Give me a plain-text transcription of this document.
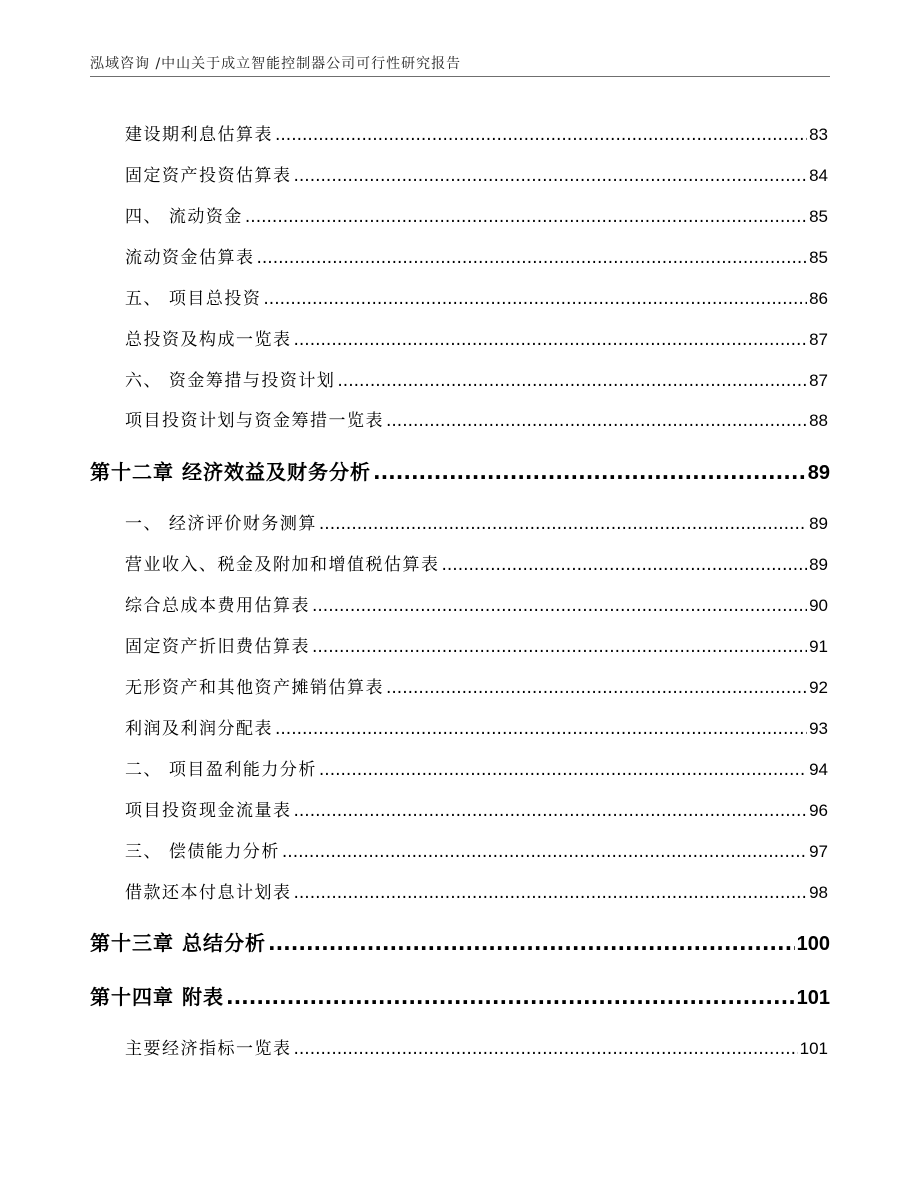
泓域咨询 /中山关于成立智能控制器公司可行性研究报告
建设期利息估算表 .....	83
固定资产投资估算表 .....	84
四、 流动资金 .....	85
流动资金估算表 .....	85
五、 项目总投资 .....	86
总投资及构成一览表 .....	87
六、 资金筹措与投资计划 .....	87
项目投资计划与资金筹措一览表 .....	88
第十二章 经济效益及财务分析 .....	89
一、 经济评价财务测算 .....	89
营业收入、税金及附加和增值税估算表 .....	89
综合总成本费用估算表 .....	90
固定资产折旧费估算表 .....	91
无形资产和其他资产摊销估算表 .....	92
利润及利润分配表 .....	93
二、 项目盈利能力分析 .....	94
项目投资现金流量表 .....	96
三、 偿债能力分析 .....	97
借款还本付息计划表 .....	98
第十三章 总结分析 .....	100
第十四章 附表 .....	101
主要经济指标一览表 .....	101
